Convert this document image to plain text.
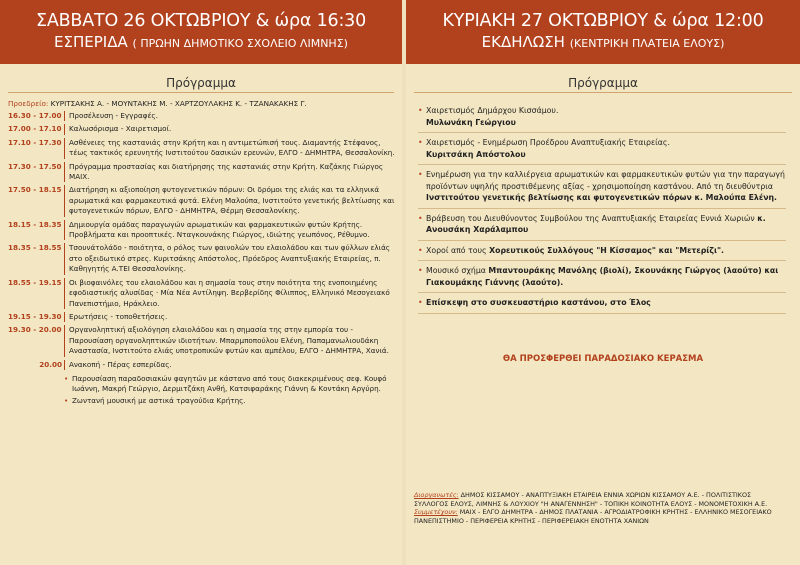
ΣΑΒΒΑΤΟ 26 ΟΚΤΩΒΡΙΟΥ & ώρα 16:30
ΕΣΠΕΡΙΔΑ ( ΠΡΩΗΝ ΔΗΜΟΤΙΚΟ ΣΧΟΛΕΙΟ ΛΙΜΝΗΣ)
ΚΥΡΙΑΚΗ 27 ΟΚΤΩΒΡΙΟΥ & ώρα 12:00
ΕΚΔΗΛΩΣΗ (ΚΕΝΤΡΙΚΗ ΠΛΑΤΕΙΑ ΕΛΟΥΣ)
Πρόγραμμα
Προεδρείο: ΚΥΡΙΤΣΑΚΗΣ Α. - ΜΟΥΝΤΑΚΗΣ Μ. - ΧΑΡΤΖΟΥΛΑΚΗΣ Κ. - ΤΖΑΝΑΚΑΚΗΣ Γ.
16.30 - 17.00	Προσέλευση - Εγγραφές.
17.00 - 17.10	Καλωσόρισμα - Χαιρετισμοί.
17.10 - 17.30	Ασθένειες της καστανιάς στην Κρήτη και η αντιμετώπισή τους. Διαμαντής Στέφανος, τέως τακτικός ερευνητής Ινστιτούτου δασικών ερευνών, ΕΛΓΟ - ΔΗΜΗΤΡΑ, Θεσσαλονίκη.
17.30 - 17.50	Πρόγραμμα προστασίας και διατήρησης της καστανιάς στην Κρήτη. Καζάκης Γιώργος ΜΑΙΧ.
17.50 - 18.15	Διατήρηση κι αξιοποίηση φυτογενετικών πόρων: Οι δρόμοι της ελιάς και τα ελληνικά αρωματικά και φαρμακευτικά φυτά. Ελένη Μαλούπα, Ινστιτούτο γενετικής βελτίωσης και φυτογενετικών πόρων, ΕΛΓΟ - ΔΗΜΗΤΡΑ, Θέρμη Θεσσαλονίκης.
18.15 - 18.35	Δημιουργία ομάδας παραγωγών αρωματικών και φαρμακευτικών φυτών Κρήτης. Προβλήματα και προοπτικές. Νταγκουνάκης Γιώργος, ιδιώτης γεωπόνος, Ρέθυμνο.
18.35 - 18.55	Τσουνάτολάδο - ποιότητα, ο ρόλος των φαινολών του ελαιολάδου και των φύλλων ελιάς στο οξειδωτικό στρες. Κυριτσάκης Απόστολος, Πρόεδρος Αναπτυξιακής Εταιρείας, π. Καθηγητής Α.ΤΕΙ Θεσσαλονίκης.
18.55 - 19.15	Οι βιοφαινόλες του ελαιολάδου και η σημασία τους στην ποιότητα της ενοποιημένης εφοδιαστικής αλυσίδας · Μία Νέα Αντίληψη. Βερβερίδης Φίλιππος, Ελληνικό Μεσογειακό Πανεπιστήμιο, Ηράκλειο.
19.15 - 19.30	Ερωτήσεις - τοποθετήσεις.
19.30 - 20.00	Οργανοληπτική αξιολόγηση ελαιολάδου και η σημασία της στην εμπορία του - Παρουσίαση οργανοληπτικών ιδιοτήτων. Μπαρμποπούλου Ελένη, Παπαμανωλιουδάκη Αναστασία, Ινστιτούτο ελιάς υποτροπικών φυτών και αμπέλου, ΕΛΓΟ - ΔΗΜΗΤΡΑ, Χανιά.
20.00 Ανακοπή - Πέρας εσπερίδας.
• Παρουσίαση παραδοσιακών φαγητών με κάστανο από τους διακεκριμένους σεφ. Κουφό Ιωάννη, Μακρή Γεώργιο, Δερμιτζάκη Ανθή, Κατσιφαράκης Γιάννη & Κοντάκη Αργύρη.
• Ζωντανή μουσική με αστικά τραγούδια Κρήτης.
Πρόγραμμα
• Χαιρετισμός Δημάρχου Κισσάμου.
Μυλωνάκη Γεώργιου
• Χαιρετισμός - Ενημέρωση Προέδρου Αναπτυξιακής Εταιρείας.
Κυριτσάκη Απόστολου
• Ενημέρωση για την καλλιέργεια αρωματικών και φαρμακευτικών φυτών για την παραγωγή προϊόντων υψηλής προστιθέμενης αξίας - χρησιμοποίηση καστάνου. Από τη διευθύντρια Ινστιτούτου γενετικής βελτίωσης και φυτογενετικών πόρων κ. Μαλούπα Ελένη.
• Βράβευση του Διευθύνοντος Συμβούλου της Αναπτυξιακής Εταιρείας Εννιά Χωριών κ. Ανουσάκη Χαράλαμπου
• Χοροί από τους Χορευτικούς Συλλόγους "Η Κίσσαμος" και "Μετερίζι".
• Μουσικό σχήμα Μπαντουράκης Μανόλης (βιολί), Σκουνάκης Γιώργος (λαούτο) και Γιακουμάκης Γιάννης (λαούτο).
• Επίσκεψη στο συσκευαστήριο καστάνου, στο Έλος
ΘΑ ΠΡΟΣΦΕΡΘΕΙ ΠΑΡΑΔΟΣΙΑΚΟ ΚΕΡΑΣΜΑ
Διοργανωτές: ΔΗΜΟΣ ΚΙΣΣΑΜΟΥ - ΑΝΑΠΤΥΞΙΑΚΗ ΕΤΑΙΡΕΙΑ ΕΝΝΙΑ ΧΩΡΙΩΝ ΚΙΣΣΑΜΟΥ Α.Ε. - ΠΟΛΙΤΙΣΤΙΚΟΣ ΣΥΛΛΟΓΟΣ ΕΛΟΥΣ, ΛΙΜΝΗΣ & ΛΟΥΧΙΟΥ "Η ΑΝΑΓΕΝΝΗΣΗ" - ΤΟΠΙΚΗ ΚΟΙΝΟΤΗΤΑ ΕΛΟΥΣ - ΜΟΝΟΜΕΤΟΧΙΚΗ Α.Ε.
Συμμετέχουν: ΜΑΙΧ - ΕΛΓΟ ΔΗΜΗΤΡΑ - ΔΗΜΟΣ ΠΛΑΤΑΝΙΑ - ΑΓΡΟΔΙΑΤΡΟΦΙΚΗ ΚΡΗΤΗΣ - ΕΛΛΗΝΙΚΟ ΜΕΣΟΓΕΙΑΚΟ ΠΑΝΕΠΙΣΤΗΜΙΟ - ΠΕΡΙΦΕΡΕΙΑ ΚΡΗΤΗΣ - ΠΕΡΙΦΕΡΕΙΑΚΗ ΕΝΟΤΗΤΑ ΧΑΝΙΩΝ
